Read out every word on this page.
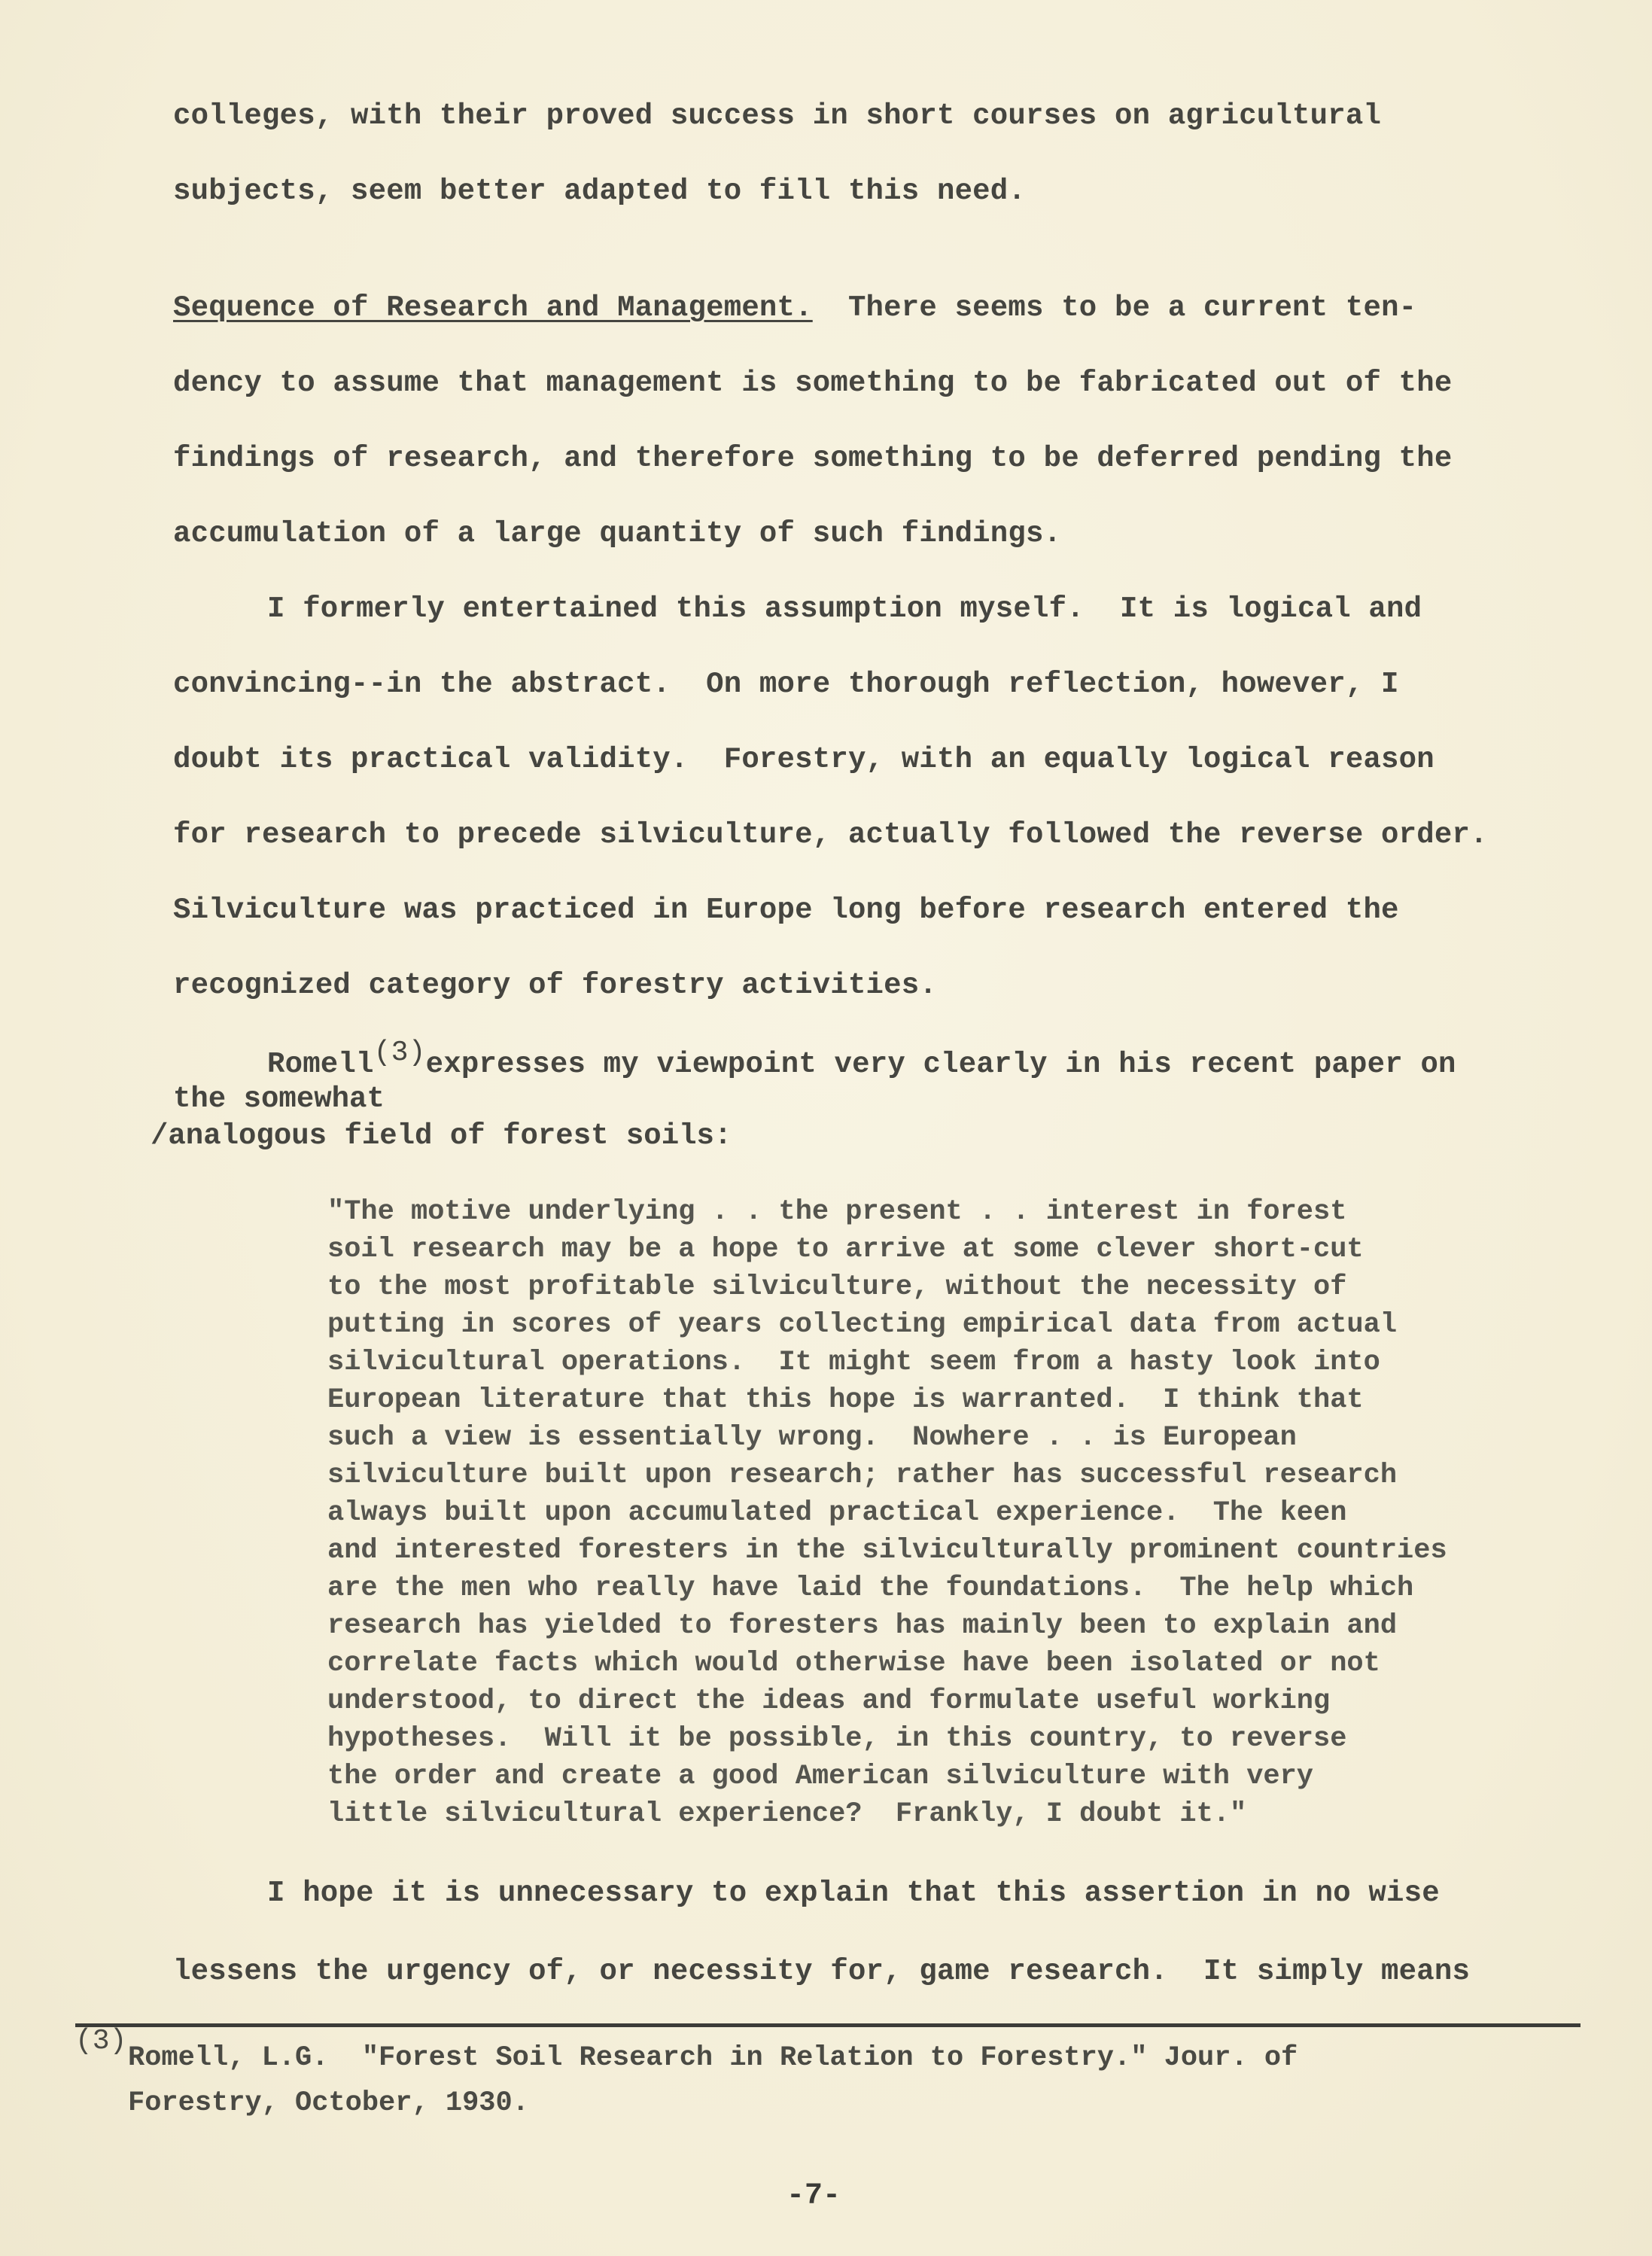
colleges, with their proved success in short courses on agricultural
subjects, seem better adapted to fill this need.
Sequence of Research and Management.  There seems to be a current ten-
dency to assume that management is something to be fabricated out of the
findings of research, and therefore something to be deferred pending the
accumulation of a large quantity of such findings.
I formerly entertained this assumption myself.  It is logical and
convincing--in the abstract.  On more thorough reflection, however, I
doubt its practical validity.  Forestry, with an equally logical reason
for research to precede silviculture, actually followed the reverse order.
Silviculture was practiced in Europe long before research entered the
recognized category of forestry activities.
Romell(3)expresses my viewpoint very clearly in his recent paper on
the somewhat
/analogous field of forest soils:
"The motive underlying . . the present . . interest in forest
soil research may be a hope to arrive at some clever short-cut
to the most profitable silviculture, without the necessity of
putting in scores of years collecting empirical data from actual
silvicultural operations.  It might seem from a hasty look into
European literature that this hope is warranted.  I think that
such a view is essentially wrong.  Nowhere . . is European
silviculture built upon research; rather has successful research
always built upon accumulated practical experience.  The keen
and interested foresters in the silviculturally prominent countries
are the men who really have laid the foundations.  The help which
research has yielded to foresters has mainly been to explain and
correlate facts which would otherwise have been isolated or not
understood, to direct the ideas and formulate useful working
hypotheses.  Will it be possible, in this country, to reverse
the order and create a good American silviculture with very
little silvicultural experience?  Frankly, I doubt it."
I hope it is unnecessary to explain that this assertion in no wise
lessens the urgency of, or necessity for, game research.  It simply means
(3)
Romell, L.G.  "Forest Soil Research in Relation to Forestry." Jour. of
Forestry, October, 1930.
-7-
